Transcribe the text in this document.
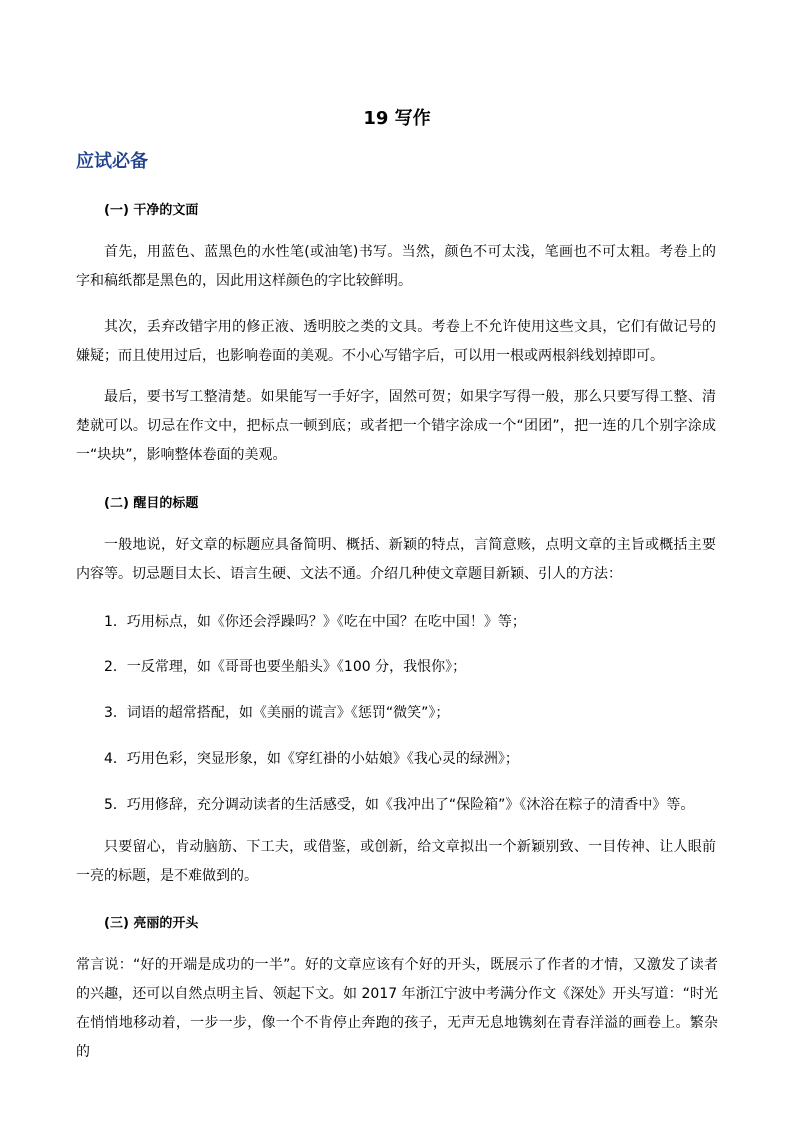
19 写作
应试必备
(一) 干净的文面

首先，用蓝色、蓝黑色的水性笔(或油笔)书写。当然，颜色不可太浅，笔画也不可太粗。考卷上的字和稿纸都是黑色的，因此用这样颜色的字比较鲜明。

其次，丢弃改错字用的修正液、透明胶之类的文具。考卷上不允许使用这些文具，它们有做记号的嫌疑；而且使用过后，也影响卷面的美观。不小心写错字后，可以用一根或两根斜线划掉即可。

最后，要书写工整清楚。如果能写一手好字，固然可贺；如果字写得一般，那么只要写得工整、清楚就可以。切忌在作文中，把标点一顿到底；或者把一个错字涂成一个“团团”，把一连的几个别字涂成一“块块”，影响整体卷面的美观。

(二) 醒目的标题

一般地说，好文章的标题应具备简明、概括、新颖的特点，言简意赅，点明文章的主旨或概括主要内容等。切忌题目太长、语言生硬、文法不通。介绍几种使文章题目新颖、引人的方法：

1．巧用标点，如《你还会浮躁吗？》《吃在中国？在吃中国！》等；
2．一反常理，如《哥哥也要坐船头》《100 分，我恨你》；
3．词语的超常搭配，如《美丽的谎言》《惩罚“微笑”》；
4．巧用色彩，突显形象，如《穿红褂的小姑娘》《我心灵的绿洲》；
5．巧用修辞，充分调动读者的生活感受，如《我冲出了“保险箱”》《沐浴在粽子的清香中》等。

只要留心，肯动脑筋、下工夫，或借鉴，或创新，给文章拟出一个新颖别致、一目传神、让人眼前一亮的标题，是不难做到的。

(三) 亮丽的开头

常言说：“好的开端是成功的一半”。好的文章应该有个好的开头，既展示了作者的才情，又激发了读者的兴趣，还可以自然点明主旨、领起下文。如 2017 年浙江宁波中考满分作文《深处》开头写道：“时光在悄悄地移动着，一步一步，像一个不肯停止奔跑的孩子，无声无息地镌刻在青春洋溢的画卷上。繁杂的
